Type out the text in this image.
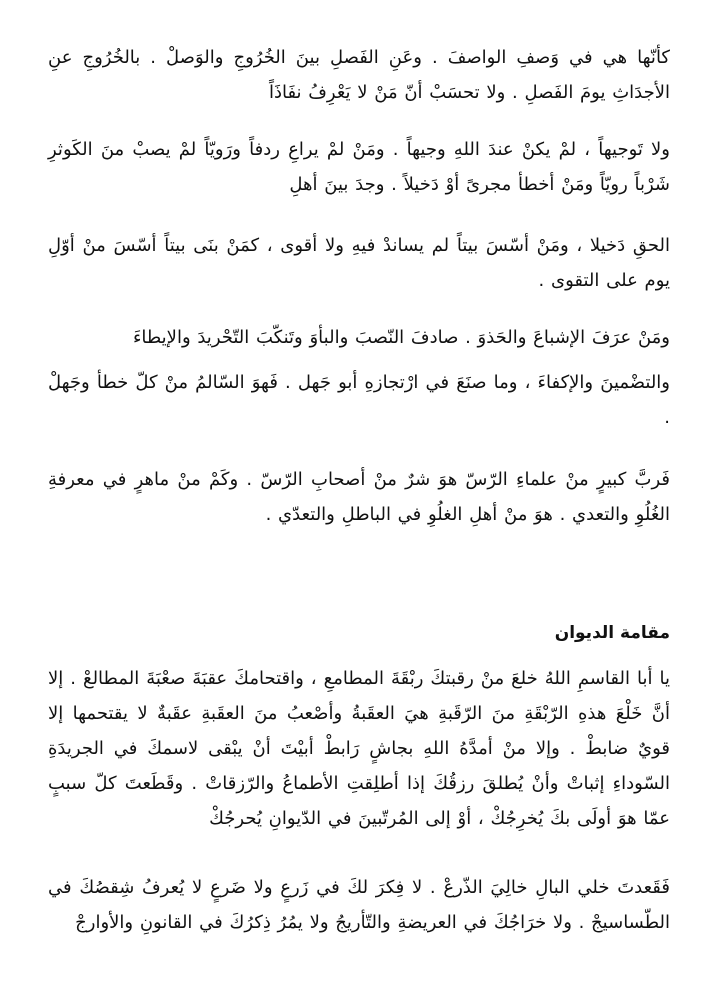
كأنّها هي في وَصفِ الواصفَ . وعَنِ الفَصلِ بينَ الخُرُوجِ والوَصلْ . بالخُرُوجِ عنِ الأجدَاثِ يومَ الفَصلِ . ولا تحسَبْ أنّ مَنْ لا يَعْرِفُ نفَاذَاً

ولا تَوجيهاً ، لمْ يكنْ عندَ اللهِ وجيهاً . ومَنْ لمْ يراعِ ردفاً ورَويّاً لمْ يصبْ منَ الكَوثرِ شَرْباً رويّاً ومَنْ أخطأ مجرىً أوْ دَخيلاً . وجدَ بينَ أهلِ

الحقِ دَخيلا ، ومَنْ أسّسَ بيتاً لم يساندْ فيهِ ولا أقوى ، كمَنْ بنَى بيتاً أسّسَ منْ أوّلِ يوم على التقوى .

ومَنْ عرَفَ الإشباعَ والحَذوَ . صادفَ النّصبَ والبأوَ وتَنكّبَ التّحْريدَ والإيطاءَ

والتضْمينَ والإكفاءَ ، وما صنَعَ في ارْتجازهِ أبو جَهل . فَهوَ السّالمُ منْ كلّ خطأ وجَهلْ .

فَربَّ كبيرٍ منْ علماءِ الرّسّ هوَ شرٌ منْ أصحابِ الرّسّ . وكَمْ منْ ماهرٍ في معرفةِ الغُلُوِ والتعدي . هوَ منْ أهلِ الغلُوِ في الباطلِ والتعدّي .

مقامة الديوان

يا أبا القاسمِ اللهُ خلعَ منْ رقبتكَ ربْقَةَ المطامعِ ، واقتحامكَ عقبَةَ صعْبَةَ المطالعْ . إلا أنَّ خَلْعَ هذهِ الرّبْقَةِ منَ الرّقَبةِ هيَ العقَبةُ وأصْعبُ منَ العقَبةِ عقَبةٌ لا يقتحمها إلا قويٌ ضابطْ . وإلا منْ أمدَّهُ اللهِ بجاشٍ رَابطْ أبيْتَ أنْ يبْقى لاسمكَ في الجريدَةِ السّوداءِ إثباتْ وأنْ يُطلقَ رزقُكَ إذا أطلِقتِ الأطماعُ والرّزقاتْ . وقَطَعتَ كلّ سببٍ عمّا هوَ أولَى بكَ يُخرِجُكْ ، أوْ إلى المُرتّبينَ في الدّيوانِ يُحرجُكْ

فَقَعدتَ خلي البالِ خالِيَ الذّرعْ . لا فِكرَ لكَ في زَرعٍ ولا ضَرعٍ لا يُعرفُ شِقصُكَ في الطّساسيجْ . ولا خرَاجُكَ في العريضةِ والتّأريجُ ولا يمُرُ ذِكرُكَ في القانونِ والأوارجْ
